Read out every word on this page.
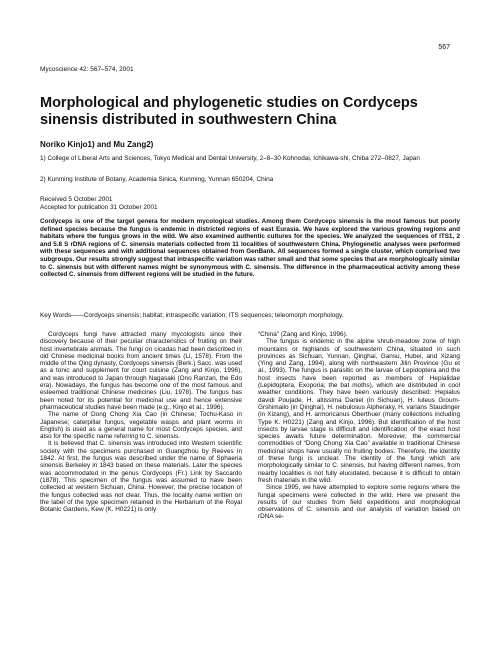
567
Mycoscience 42: 567–574, 2001
Morphological and phylogenetic studies on Cordyceps sinensis distributed in southwestern China
Noriko Kinjo1) and Mu Zang2)
1) College of Liberal Arts and Sciences, Tokyo Medical and Dental University, 2–8–30 Kohnodai, Ichikawa-shi, Chiba 272–0827, Japan
2) Kunming Institute of Botany, Academia Sinica, Kunming, Yunnan 650204, China
Received 5 October 2001
Accepted for publication 31 October 2001
Cordyceps is one of the target genera for modern mycological studies. Among them Cordyceps sinensis is the most famous but poorly defined species because the fungus is endemic in districted regions of east Eurasia. We have explored the various growing regions and habitats where the fungus grows in the wild. We also examined authentic cultures for the species. We analyzed the sequences of ITS1, 2 and 5.8 S rDNA regions of C. sinensis materials collected from 11 localities of southwestern China. Phylogenetic analyses were performed with these sequences and with additional sequences obtained from GenBank. All sequences formed a single cluster, which comprised two subgroups. Our results strongly suggest that intraspecific variation was rather small and that some species that are morphologically similar to C. sinensis but with different names might be synonymous with C. sinensis. The difference in the pharmaceutical activity among these collected C. sinensis from different regions will be studied in the future.
Key Words——Cordyceps sinensis; habitat; intraspecific variation; ITS sequences; teleomorph morphology.

Cordyceps fungi have attracted many mycologists since their discovery because of their peculiar characteristics of fruiting on their host invertebrate animals. The fungi on cicadas had been described in old Chinese medicinal books from ancient times (Li, 1578). From the middle of the Qing dynasty, Cordyceps sinensis (Berk.) Sacc. was used as a tonic and supplement for court cuisine (Zang and Kinjo, 1996), and was introduced to Japan through Nagasaki (Ono Ranzan, the Edo era). Nowadays, the fungus has become one of the most famous and esteemed traditional Chinese medicines (Liu, 1978). The fungus has been noted for its potential for medicinal use and hence extensive pharmaceutical studies have been made (e.g., Kinjo et al., 1996).

The name of Dong Chong Xia Cao (in Chinese; Tochu-Kaso in Japanese; caterpillar fungus, vegetable wasps and plant worms in English) is used as a general name for most Cordyceps species, and also for the specific name referring to C. sinensis.

It is believed that C. sinensis was introduced into Western scientific society with the specimens purchased in Guangzhou by Reeves in 1842. At first, the fungus was described under the name of Sphaeria sinensis Berkeley in 1843 based on these materials. Later the species was accommodated in the genus Cordyceps (Fr.) Link by Saccardo (1878). This specimen of the fungus was assumed to have been collected at western Sichuan, China. However, the precise location of the fungus collected was not clear. Thus, the locality name written on the label of the type specimen retained in the Herbarium of the Royal Botanic Gardens, Kew (K. H0221) is only

“China” (Zang and Kinjo, 1996).

The fungus is endemic in the alpine shrub-meadow zone of high mountains or highlands of southwestern China, situated in such provinces as Sichuan, Yunnan, Qinghai, Gansu, Hubei, and Xizang (Ying and Zang, 1994), along with northeastern Jilin Province (Gu et al., 1993). The fungus is parasitic on the larvae of Lepidoptera and the host insects have been reported as members of Hepialidae (Lepidoptera, Exoporia; the bat moths), which are distributed in cool weather conditions. They have been variously described: Hepialus davidi Poujade, H. altissima Daniel (in Sichuan), H. luteus Groum-Grshimailo (in Qinghai), H. nebulosus Alpheraky, H. varians Staudinger (in Xizang), and H. armoricanus Oberthuer (many collections including Type K. H0221) (Zang and Kinjo, 1996). But identification of the host insects by larvae stage is difficult and identification of the exact host species awaits future determination. Moreover, the commercial commodities of “Dong Chong Xia Cao” available in traditional Chinese medicinal shops have usually no fruiting bodies. Therefore, the identity of these fungi is unclear. The identity of the fungi which are morphologically similar to C. sinensis, but having different names, from nearby localities is not fully elucidated, because it is difficult to obtain fresh materials in the wild.

Since 1995, we have attempted to explore some regions where the fungal specimens were collected in the wild. Here we present the results of our studies from field expeditions and morphological observations of C. sinensis and our analysis of variation based on rDNA se-
